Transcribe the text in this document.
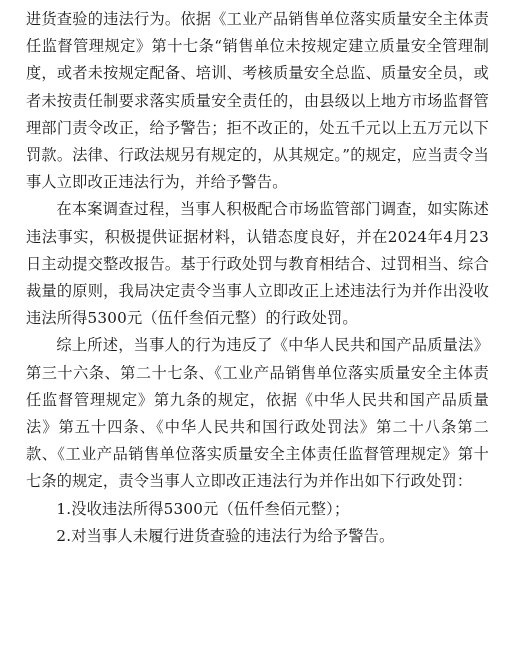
进货查验的违法行为。依据《工业产品销售单位落实质量安全主体责任监督管理规定》第十七条“销售单位未按规定建立质量安全管理制度，或者未按规定配备、培训、考核质量安全总监、质量安全员，或者未按责任制要求落实质量安全责任的，由县级以上地方市场监督管理部门责令改正，给予警告；拒不改正的，处五千元以上五万元以下罚款。法律、行政法规另有规定的，从其规定。”的规定，应当责令当事人立即改正违法行为，并给予警告。

在本案调查过程，当事人积极配合市场监管部门调查，如实陈述违法事实，积极提供证据材料，认错态度良好，并在2024年4月23日主动提交整改报告。基于行政处罚与教育相结合、过罚相当、综合裁量的原则，我局决定责令当事人立即改正上述违法行为并作出没收违法所得5300元（伍仟叁佰元整）的行政处罚。

综上所述，当事人的行为违反了《中华人民共和国产品质量法》第三十六条、第二十七条、《工业产品销售单位落实质量安全主体责任监督管理规定》第九条的规定，依据《中华人民共和国产品质量法》第五十四条、《中华人民共和国行政处罚法》第二十八条第二款、《工业产品销售单位落实质量安全主体责任监督管理规定》第十七条的规定，责令当事人立即改正违法行为并作出如下行政处罚：

1.没收违法所得5300元（伍仟叁佰元整）；

2.对当事人未履行进货查验的违法行为给予警告。
